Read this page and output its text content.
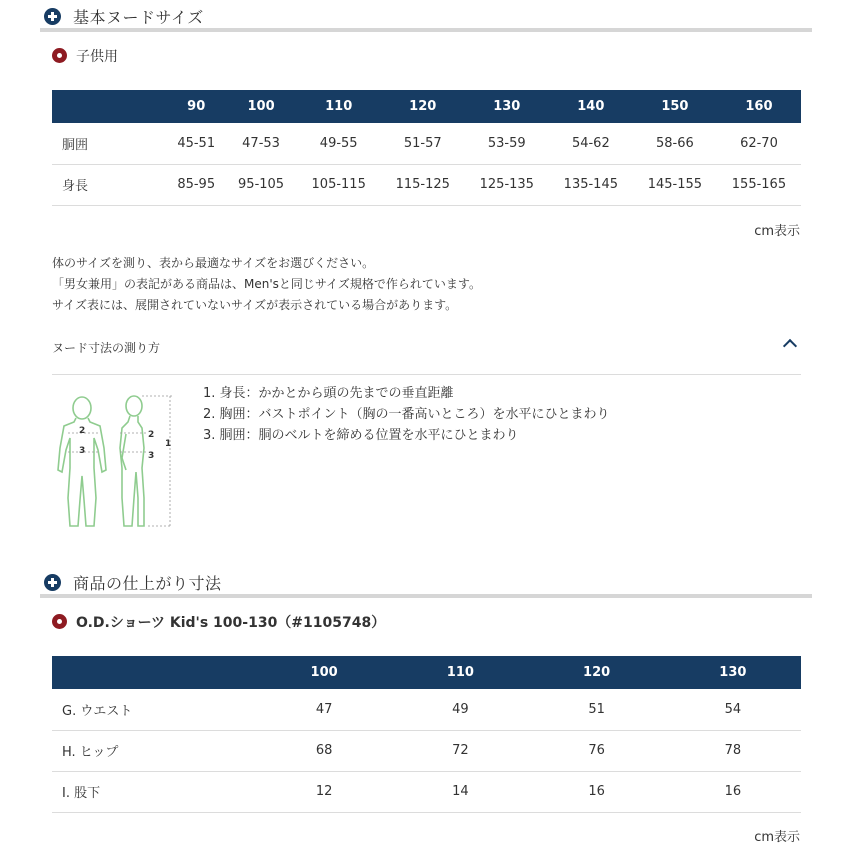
基本ヌードサイズ
子供用
	90	100	110	120	130	140	150	160
胴囲	45-51	47-53	49-55	51-57	53-59	54-62	58-66	62-70
身長	85-95	95-105	105-115	115-125	125-135	135-145	145-155	155-165
cm表示

体のサイズを測り、表から最適なサイズをお選びください。

「男女兼用」の表記がある商品は、Men'sと同じサイズ規格で作られています。

サイズ表には、展開されていないサイズが表示されている場合があります。

ヌード寸法の測り方
2
3
2
3
1

1. 身長：かかとから頭の先までの垂直距離

2. 胸囲：バストポイント（胸の一番高いところ）を水平にひとまわり

3. 胴囲：胴のベルトを締める位置を水平にひとまわり

商品の仕上がり寸法
O.D.ショーツ Kid's 100-130（#1105748）
	100	110	120	130
G. ウエスト	47	49	51	54
H. ヒップ	68	72	76	78
I. 股下	12	14	16	16
cm表示
